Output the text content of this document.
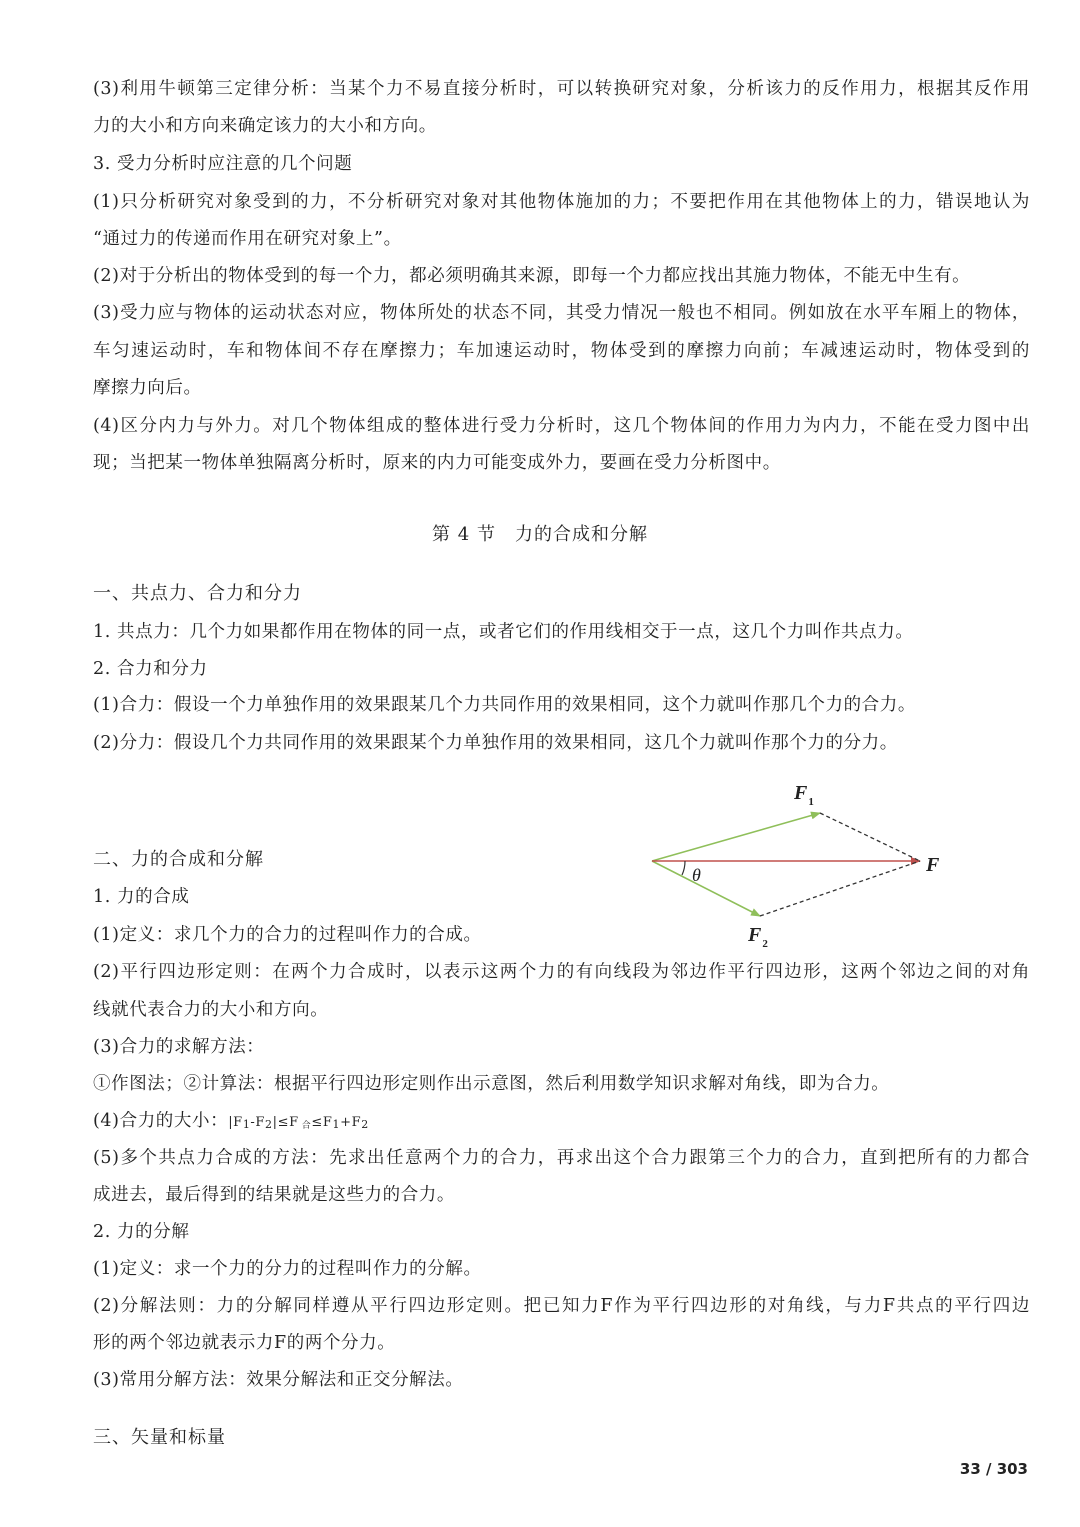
(3)利用牛顿第三定律分析：当某个力不易直接分析时，可以转换研究对象，分析该力的反作用力，根据其反作用
力的大小和方向来确定该力的大小和方向。
3. 受力分析时应注意的几个问题
(1)只分析研究对象受到的力，不分析研究对象对其他物体施加的力；不要把作用在其他物体上的力，错误地认为
“通过力的传递而作用在研究对象上”。
(2)对于分析出的物体受到的每一个力，都必须明确其来源，即每一个力都应找出其施力物体，不能无中生有。
(3)受力应与物体的运动状态对应，物体所处的状态不同，其受力情况一般也不相同。例如放在水平车厢上的物体，
车匀速运动时，车和物体间不存在摩擦力；车加速运动时，物体受到的摩擦力向前；车减速运动时，物体受到的
摩擦力向后。
(4)区分内力与外力。对几个物体组成的整体进行受力分析时，这几个物体间的作用力为内力，不能在受力图中出
现；当把某一物体单独隔离分析时，原来的内力可能变成外力，要画在受力分析图中。
第 4 节　力的合成和分解
一、共点力、合力和分力
1. 共点力：几个力如果都作用在物体的同一点，或者它们的作用线相交于一点，这几个力叫作共点力。
2. 合力和分力
(1)合力：假设一个力单独作用的效果跟某几个力共同作用的效果相同，这个力就叫作那几个力的合力。
(2)分力：假设几个力共同作用的效果跟某个力单独作用的效果相同，这几个力就叫作那个力的分力。
二、力的合成和分解
1. 力的合成
(1)定义：求几个力的合力的过程叫作力的合成。
$F_1$
$F_2$
F
θ
(2)平行四边形定则：在两个力合成时，以表示这两个力的有向线段为邻边作平行四边形，这两个邻边之间的对角
线就代表合力的大小和方向。
(3)合力的求解方法：
①作图法；②计算法：根据平行四边形定则作出示意图，然后利用数学知识求解对角线，即为合力。
(4)合力的大小：|F1-F2|≤F 合≤F1+F2
(5)多个共点力合成的方法：先求出任意两个力的合力，再求出这个合力跟第三个力的合力，直到把所有的力都合
成进去，最后得到的结果就是这些力的合力。
2. 力的分解
(1)定义：求一个力的分力的过程叫作力的分解。
(2)分解法则：力的分解同样遵从平行四边形定则。把已知力F作为平行四边形的对角线，与力F共点的平行四边
形的两个邻边就表示力F的两个分力。
(3)常用分解方法：效果分解法和正交分解法。
三、矢量和标量
33 / 303
